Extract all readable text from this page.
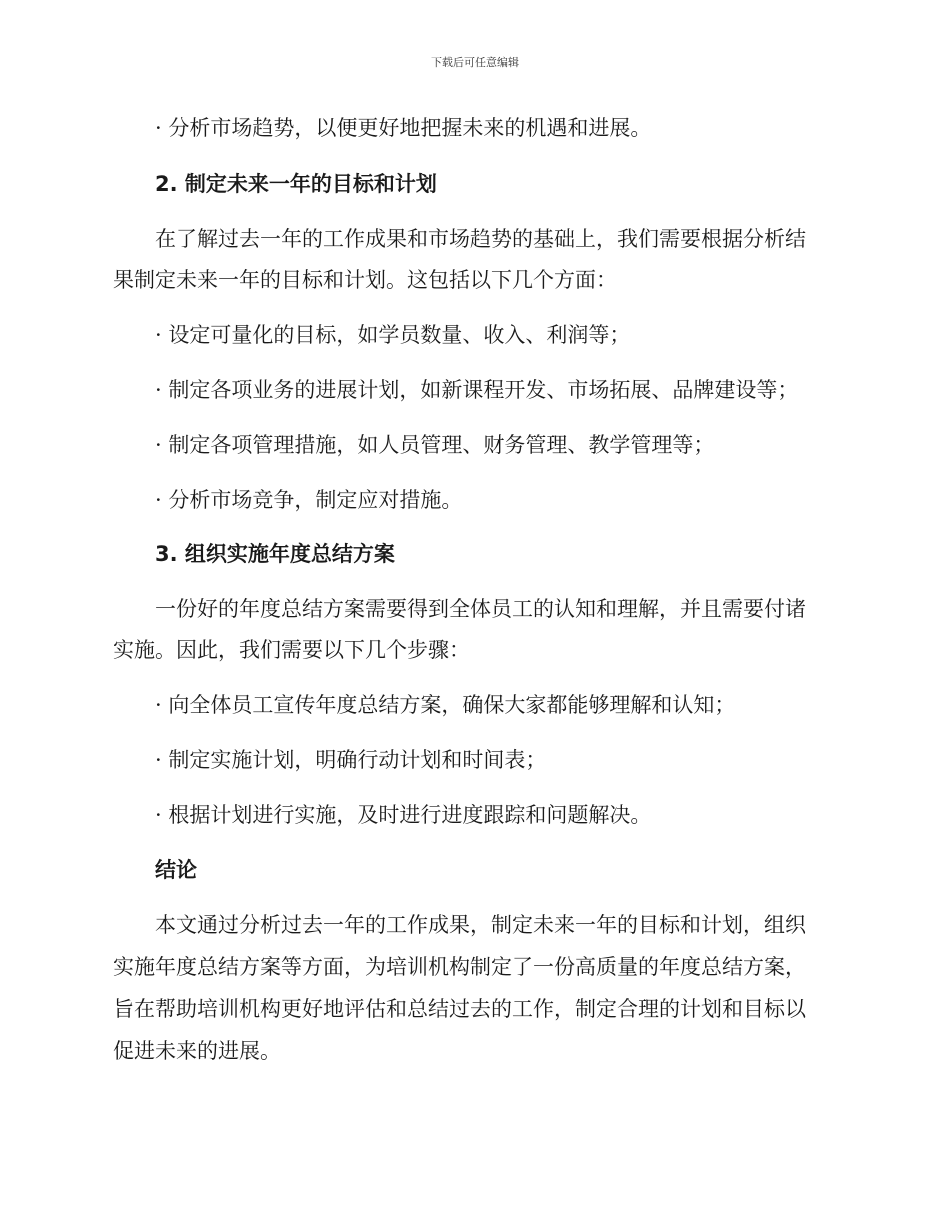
下载后可任意编辑
· 分析市场趋势，以便更好地把握未来的机遇和进展。
2. 制定未来一年的目标和计划
在了解过去一年的工作成果和市场趋势的基础上，我们需要根据分析结
果制定未来一年的目标和计划。这包括以下几个方面：
· 设定可量化的目标，如学员数量、收入、利润等；
· 制定各项业务的进展计划，如新课程开发、市场拓展、品牌建设等；
· 制定各项管理措施，如人员管理、财务管理、教学管理等；
· 分析市场竞争，制定应对措施。
3. 组织实施年度总结方案
一份好的年度总结方案需要得到全体员工的认知和理解，并且需要付诸
实施。因此，我们需要以下几个步骤：
· 向全体员工宣传年度总结方案，确保大家都能够理解和认知；
· 制定实施计划，明确行动计划和时间表；
· 根据计划进行实施，及时进行进度跟踪和问题解决。
结论
本文通过分析过去一年的工作成果，制定未来一年的目标和计划，组织
实施年度总结方案等方面，为培训机构制定了一份高质量的年度总结方案，
旨在帮助培训机构更好地评估和总结过去的工作，制定合理的计划和目标以
促进未来的进展。
